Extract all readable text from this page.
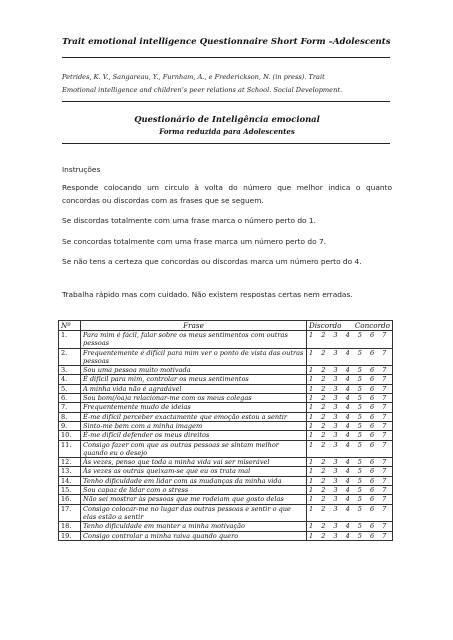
Trait emotional intelligence Questionnaire Short Form –Adolescents
Petrides, K. V., Sangareau, Y., Furnham, A., e Frederickson, N. (in press). Trait
Emotional intelligence and children’s peer relations at School. Social Development.
Questionário de Inteligência emocional
Forma reduzida para Adolescentes
Instruções
Responde colocando um circulo à volta do número que melhor indica o quanto concordas ou discordas com as frases que se seguem.
Se discordas totalmente com uma frase marca o número perto do 1.
Se concordas totalmente com uma frase marca um número perto do 7.
Se não tens a certeza que concordas ou discordas marca um número perto do 4.
Trabalha rápido mas com cuidado. Não existem respostas certas nem erradas.
Nº	Frase	Discordo Concordo

1.	Para mim é fácil, falar sobre os meus sentimentos com outras pessoas	1 2 3 4 5 6 7
2.	Frequentemente é difícil para mim ver o ponto de vista das outras pessoas	1 2 3 4 5 6 7
3.	Sou uma pessoa muito motivada	1 2 3 4 5 6 7
4.	É difícil para mim, controlar os meus sentimentos	1 2 3 4 5 6 7
5.	A minha vida não é agradável	1 2 3 4 5 6 7
6.	Sou bom(/oa)a relacionar-me com os meus colegas	1 2 3 4 5 6 7
7.	Frequentemente mudo de ideias	1 2 3 4 5 6 7
8.	É-me difícil perceber exactamente que emoção estou a sentir	1 2 3 4 5 6 7
9.	Sinto-me bem com a minha imagem	1 2 3 4 5 6 7
10.	É-me difícil defender os meus direitos	1 2 3 4 5 6 7
11.	Consigo fazer com que as outras pessoas se sintam melhor quando eu o desejo	1 2 3 4 5 6 7
12.	Às vezes, penso que toda a minha vida vai ser miserável	1 2 3 4 5 6 7
13.	Às vezes as outras queixam-se que eu os trata mal	1 2 3 4 5 6 7
14.	Tenho dificuldade em lidar com as mudanças da minha vida	1 2 3 4 5 6 7
15.	Sou capaz de lidar com o stress	1 2 3 4 5 6 7
16.	Não sei mostrar às pessoas que me rodeiam que gosto delas	1 2 3 4 5 6 7
17.	Consigo colocar-me no lugar das outras pessoas e sentir o que elas estão a sentir	1 2 3 4 5 6 7
18.	Tenho dificuldade em manter a minha motivação	1 2 3 4 5 6 7
19.	Consigo controlar a minha raiva quando quero	1 2 3 4 5 6 7
